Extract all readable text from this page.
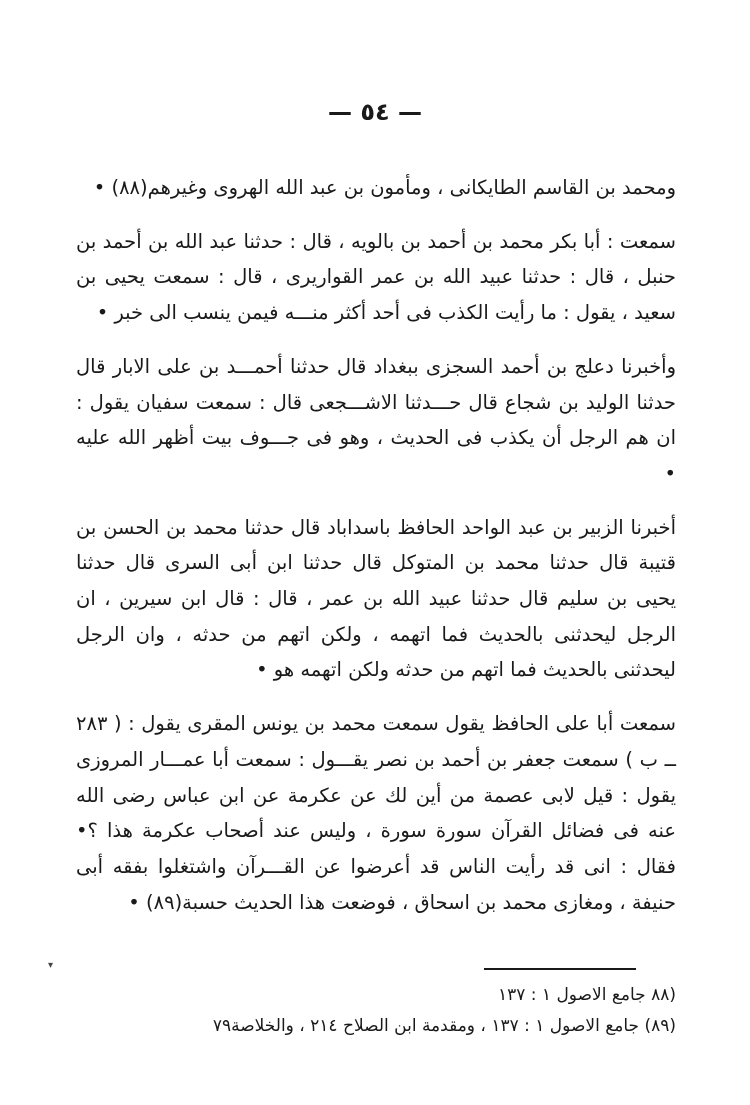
— ٥٤ —

ومحمد بن القاسم الطايكانى ، ومأمون بن عبد الله الهروى وغيرهم(٨٨) •

سمعت : أبا بكر محمد بن أحمد بن بالويه ، قال : حدثنا عبد الله بن أحمد بن حنبل ، قال : حدثنا عبيد الله بن عمر القواريرى ، قال : سمعت يحيى بن سعيد ، يقول : ما رأيت الكذب فى أحد أكثر منـــه فيمن ينسب الى خبر •

وأخبرنا دعلج بن أحمد السجزى ببغداد قال حدثنا أحمـــد بن على الابار قال حدثنا الوليد بن شجاع قال حـــدثنا الاشـــجعى قال : سمعت سفيان يقول : ان هم الرجل أن يكذب فى الحديث ، وهو فى جـــوف بيت أظهر الله عليه •

أخبرنا الزبير بن عبد الواحد الحافظ باسداباد قال حدثنا محمد بن الحسن بن قتيبة قال حدثنا محمد بن المتوكل قال حدثنا ابن أبى السرى قال حدثنا يحيى بن سليم قال حدثنا عبيد الله بن عمر ، قال : قال ابن سيرين ، ان الرجل ليحدثنى بالحديث فما اتهمه ، ولكن اتهم من حدثه ، وان الرجل ليحدثنى بالحديث فما اتهم من حدثه ولكن اتهمه هو •

سمعت أبا على الحافظ يقول سمعت محمد بن يونس المقرى يقول : ( ٢٨٣ ــ ب ) سمعت جعفر بن أحمد بن نصر يقـــول : سمعت أبا عمـــار المروزى يقول : قيل لابى عصمة من أين لك عن عكرمة عن ابن عباس رضى الله عنه فى فضائل القرآن سورة سورة ، وليس عند أصحاب عكرمة هذا ؟• فقال : انى قد رأيت الناس قد أعرضوا عن القـــرآن واشتغلوا بفقه أبى حنيفة ، ومغازى محمد بن اسحاق ، فوضعت هذا الحديث حسبة(٨٩) •

(٨٨ جامع الاصول ١ : ١٣٧
(٨٩) جامع الاصول ١ : ١٣٧ ، ومقدمة ابن الصلاح ٢١٤ ، والخلاصة٧٩
▾
